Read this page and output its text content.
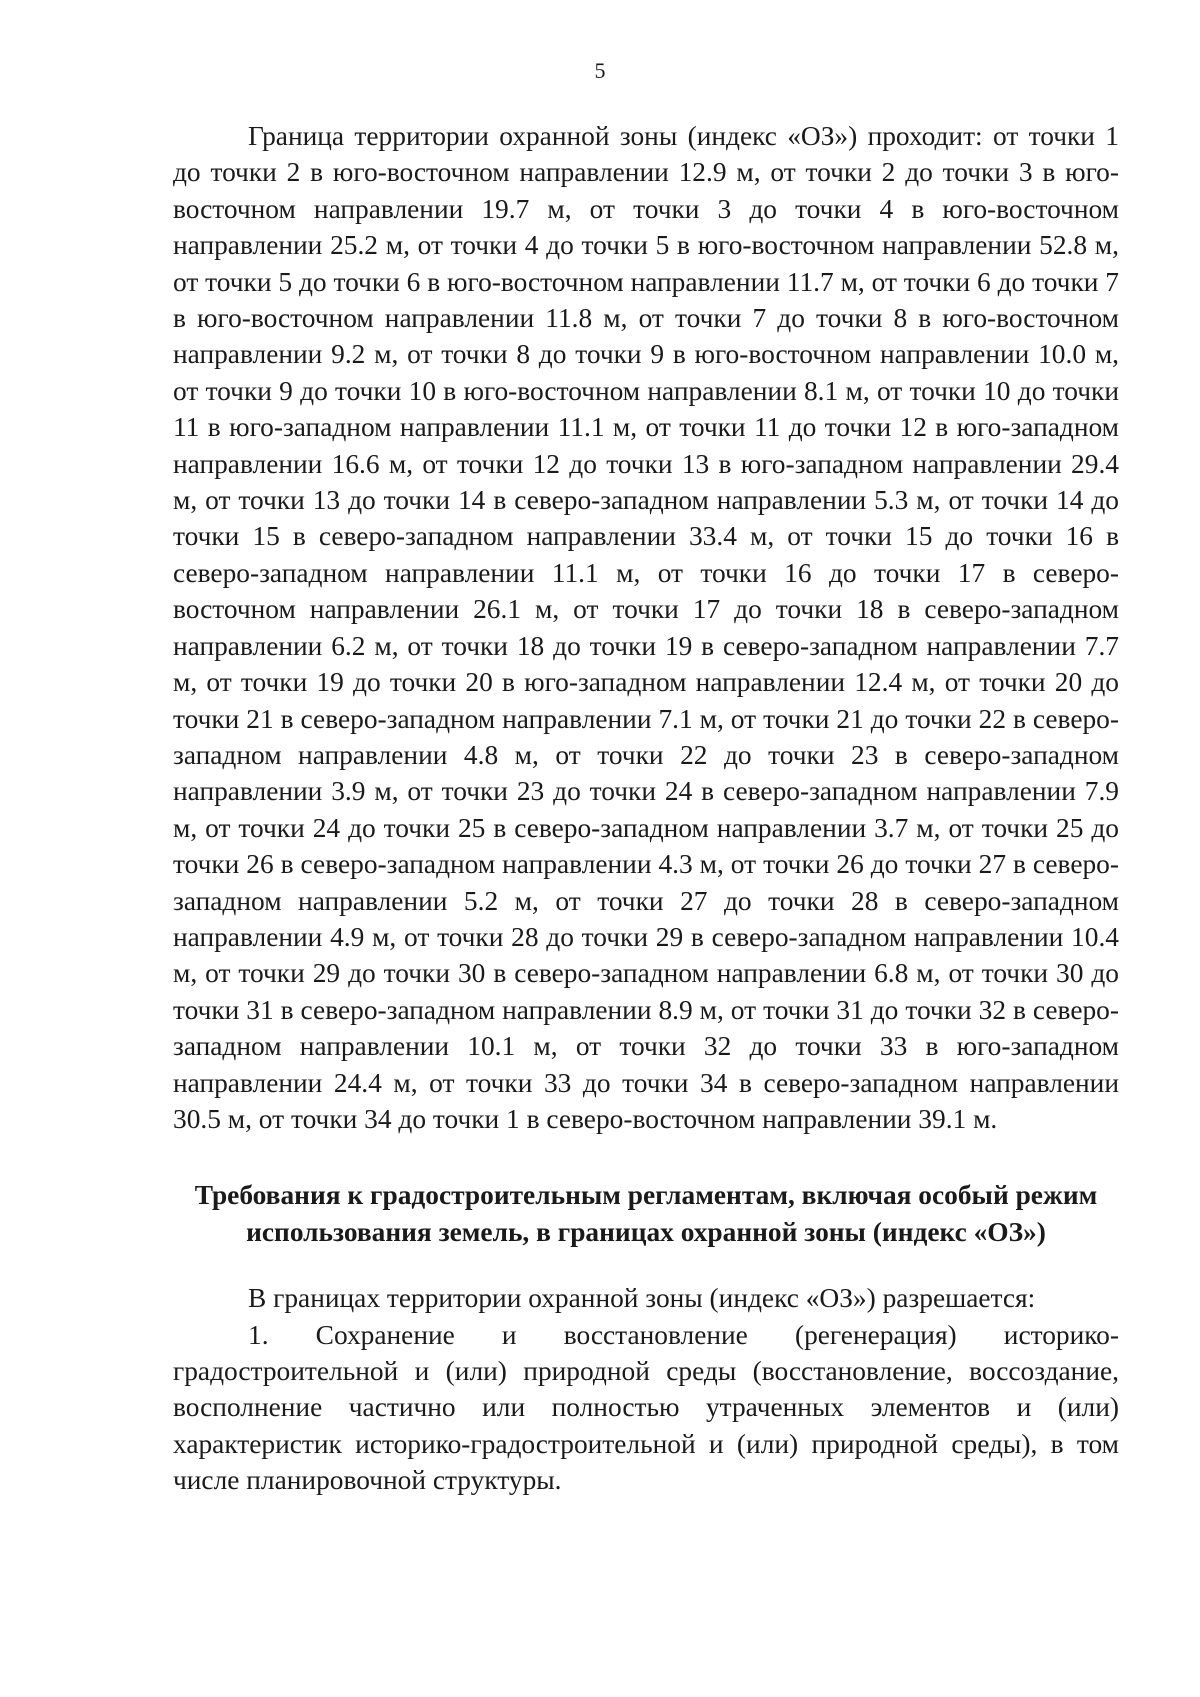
5

Граница территории охранной зоны (индекс «ОЗ») проходит: от точки 1 до точки 2 в юго-восточном направлении 12.9 м, от точки 2 до точки 3 в юго-восточном направлении 19.7 м, от точки 3 до точки 4 в юго-восточном направлении 25.2 м, от точки 4 до точки 5 в юго-восточном направлении 52.8 м, от точки 5 до точки 6 в юго-восточном направлении 11.7 м, от точки 6 до точки 7 в юго-восточном направлении 11.8 м, от точки 7 до точки 8 в юго-восточном направлении 9.2 м, от точки 8 до точки 9 в юго-восточном направлении 10.0 м, от точки 9 до точки 10 в юго-восточном направлении 8.1 м, от точки 10 до точки 11 в юго-западном направлении 11.1 м, от точки 11 до точки 12 в юго-западном направлении 16.6 м, от точки 12 до точки 13 в юго-западном направлении 29.4 м, от точки 13 до точки 14 в северо-западном направлении 5.3 м, от точки 14 до точки 15 в северо-западном направлении 33.4 м, от точки 15 до точки 16 в северо-западном направлении 11.1 м, от точки 16 до точки 17 в северо-восточном направлении 26.1 м, от точки 17 до точки 18 в северо-западном направлении 6.2 м, от точки 18 до точки 19 в северо-западном направлении 7.7 м, от точки 19 до точки 20 в юго-западном направлении 12.4 м, от точки 20 до точки 21 в северо-западном направлении 7.1 м, от точки 21 до точки 22 в северо-западном направлении 4.8 м, от точки 22 до точки 23 в северо-западном направлении 3.9 м, от точки 23 до точки 24 в северо-западном направлении 7.9 м, от точки 24 до точки 25 в северо-западном направлении 3.7 м, от точки 25 до точки 26 в северо-западном направлении 4.3 м, от точки 26 до точки 27 в северо-западном направлении 5.2 м, от точки 27 до точки 28 в северо-западном направлении 4.9 м, от точки 28 до точки 29 в северо-западном направлении 10.4 м, от точки 29 до точки 30 в северо-западном направлении 6.8 м, от точки 30 до точки 31 в северо-западном направлении 8.9 м, от точки 31 до точки 32 в северо-западном направлении 10.1 м, от точки 32 до точки 33 в юго-западном направлении 24.4 м, от точки 33 до точки 34 в северо-западном направлении 30.5 м, от точки 34 до точки 1 в северо-восточном направлении 39.1 м.

Требования к градостроительным регламентам, включая особый режим использования земель, в границах охранной зоны (индекс «ОЗ»)

В границах территории охранной зоны (индекс «ОЗ») разрешается:

1. Сохранение и восстановление (регенерация) историко-градостроительной и (или) природной среды (восстановление, воссоздание, восполнение частично или полностью утраченных элементов и (или) характеристик историко-градостроительной и (или) природной среды), в том числе планировочной структуры.
